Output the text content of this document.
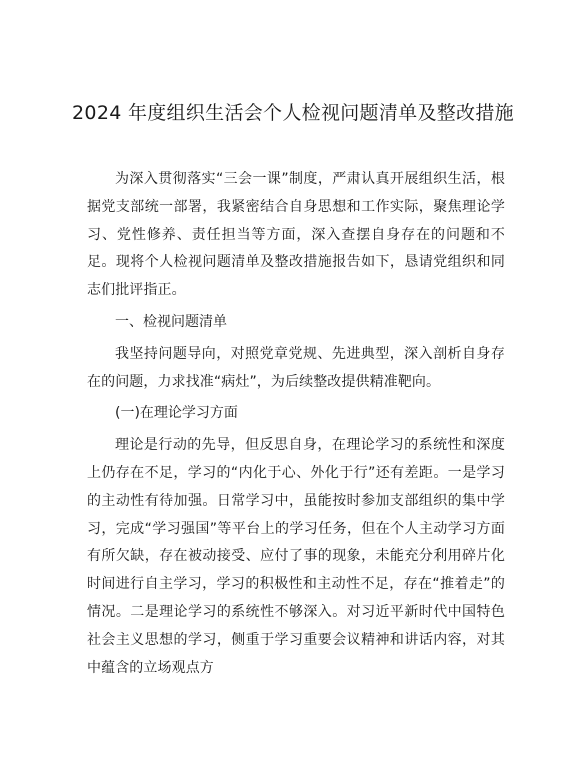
2024 年度组织生活会个人检视问题清单及整改措施

为深入贯彻落实“三会一课”制度，严肃认真开展组织生活，根据党支部统一部署，我紧密结合自身思想和工作实际，聚焦理论学习、党性修养、责任担当等方面，深入查摆自身存在的问题和不足。现将个人检视问题清单及整改措施报告如下，恳请党组织和同志们批评指正。

一、检视问题清单

我坚持问题导向，对照党章党规、先进典型，深入剖析自身存在的问题，力求找准“病灶”，为后续整改提供精准靶向。

(一)在理论学习方面

理论是行动的先导，但反思自身，在理论学习的系统性和深度上仍存在不足，学习的“内化于心、外化于行”还有差距。一是学习的主动性有待加强。日常学习中，虽能按时参加支部组织的集中学习，完成“学习强国”等平台上的学习任务，但在个人主动学习方面有所欠缺，存在被动接受、应付了事的现象，未能充分利用碎片化时间进行自主学习，学习的积极性和主动性不足，存在“推着走”的情况。二是理论学习的系统性不够深入。对习近平新时代中国特色社会主义思想的学习，侧重于学习重要会议精神和讲话内容，对其中蕴含的立场观点方
